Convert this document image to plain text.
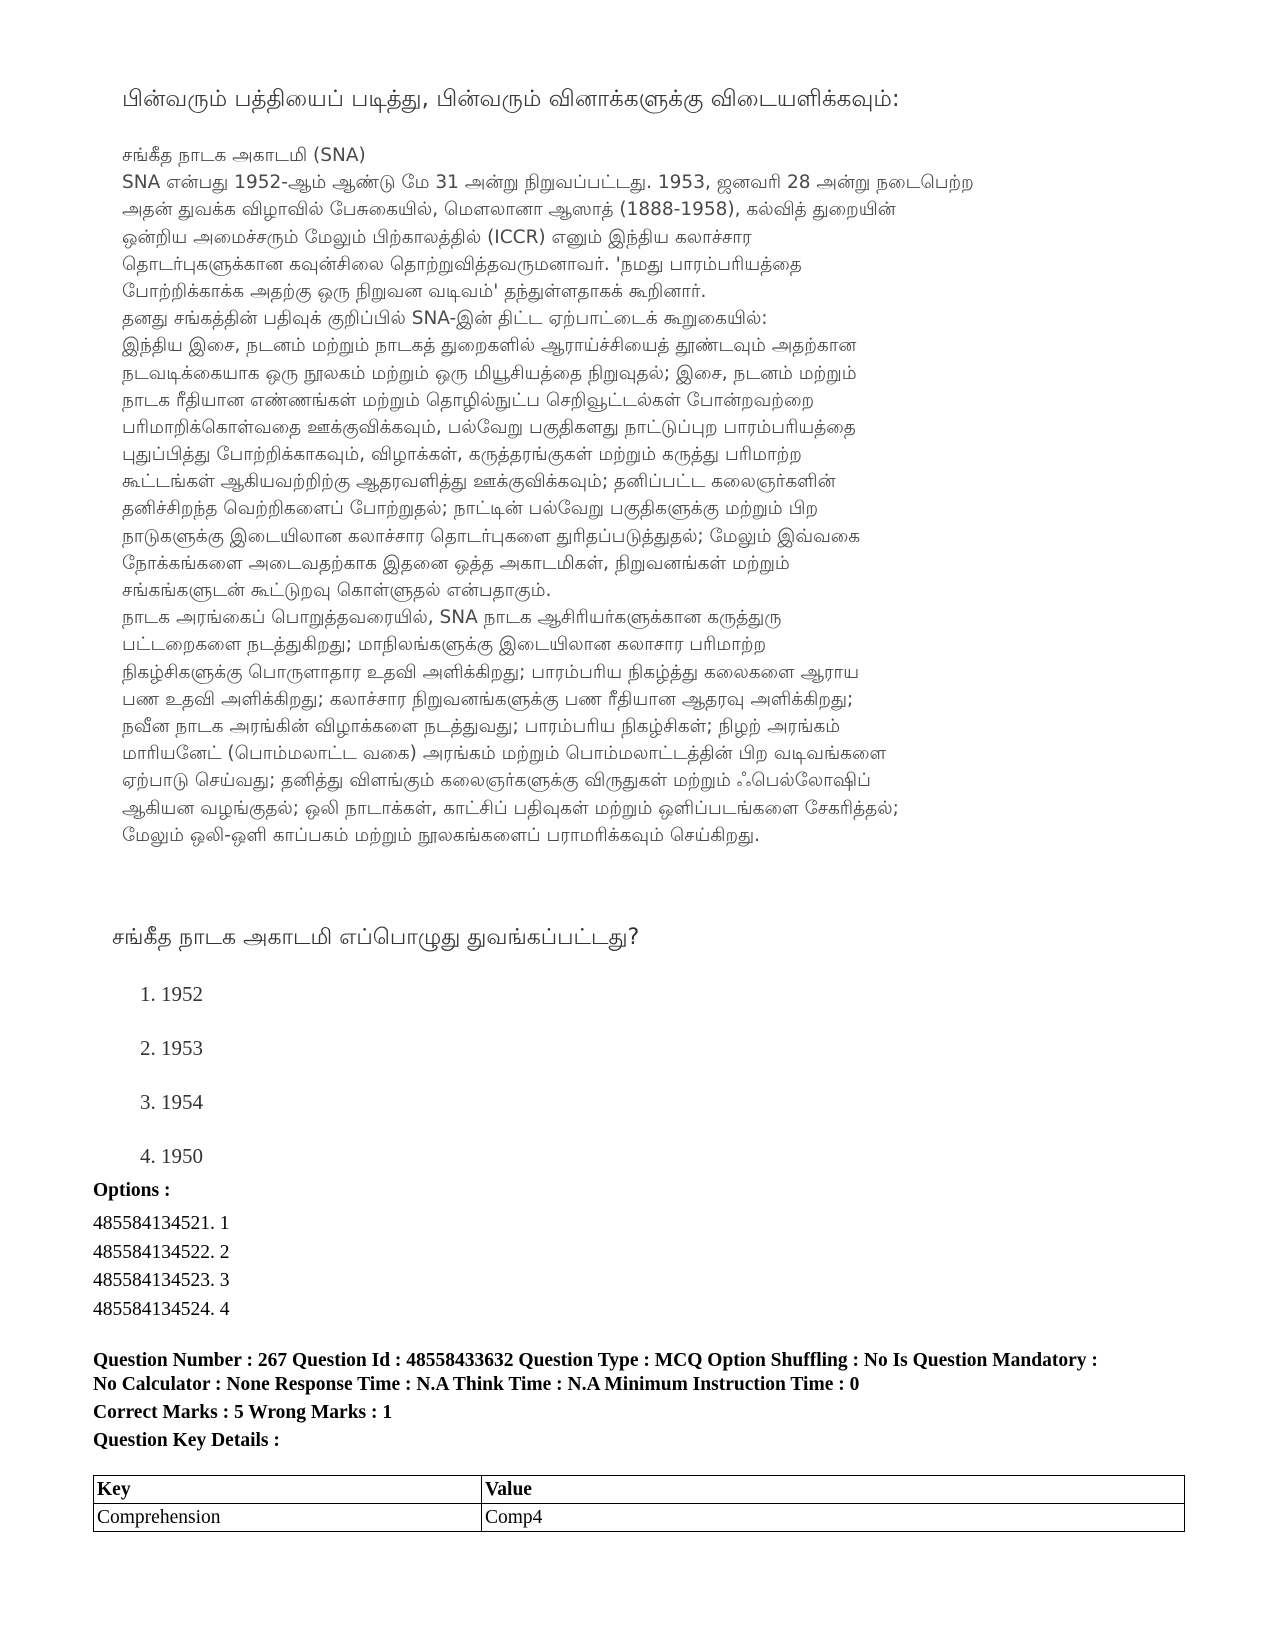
பின்வரும் பத்தியைப் படித்து, பின்வரும் வினாக்களுக்கு விடையளிக்கவும்:
சங்கீத நாடக அகாடமி (SNA)
SNA என்பது 1952-ஆம் ஆண்டு மே 31 அன்று நிறுவப்பட்டது. 1953, ஜனவரி 28 அன்று நடைபெற்ற
அதன் துவக்க விழாவில் பேசுகையில், மௌலானா ஆஸாத் (1888-1958), கல்வித் துறையின்
ஒன்றிய அமைச்சரும் மேலும் பிற்காலத்தில் (ICCR) எனும் இந்திய கலாச்சார
தொடர்புகளுக்கான கவுன்சிலை தொற்றுவித்தவருமனாவர். 'நமது பாரம்பரியத்தை
போற்றிக்காக்க அதற்கு ஒரு நிறுவன வடிவம்' தந்துள்ளதாகக் கூறினார்.
தனது சங்கத்தின் பதிவுக் குறிப்பில் SNA-இன் திட்ட ஏற்பாட்டைக் கூறுகையில்:
இந்திய இசை, நடனம் மற்றும் நாடகத் துறைகளில் ஆராய்ச்சியைத் தூண்டவும் அதற்கான
நடவடிக்கையாக ஒரு நூலகம் மற்றும் ஒரு மியூசியத்தை நிறுவுதல்; இசை, நடனம் மற்றும்
நாடக ரீதியான எண்ணங்கள் மற்றும் தொழில்நுட்ப செறிவூட்டல்கள் போன்றவற்றை
பரிமாறிக்கொள்வதை ஊக்குவிக்கவும், பல்வேறு பகுதிகளது நாட்டுப்புற பாரம்பரியத்தை
புதுப்பித்து போற்றிக்காகவும், விழாக்கள், கருத்தரங்குகள் மற்றும் கருத்து பரிமாற்ற
கூட்டங்கள் ஆகியவற்றிற்கு ஆதரவளித்து ஊக்குவிக்கவும்; தனிப்பட்ட கலைஞர்களின்
தனிச்சிறந்த வெற்றிகளைப் போற்றுதல்; நாட்டின் பல்வேறு பகுதிகளுக்கு மற்றும் பிற
நாடுகளுக்கு இடையிலான கலாச்சார தொடர்புகளை துரிதப்படுத்துதல்; மேலும் இவ்வகை
நோக்கங்களை அடைவதற்காக இதனை ஒத்த அகாடமிகள், நிறுவனங்கள் மற்றும்
சங்கங்களுடன் கூட்டுறவு கொள்ளுதல் என்பதாகும்.
நாடக அரங்கைப் பொறுத்தவரையில், SNA நாடக ஆசிரியர்களுக்கான கருத்துரு
பட்டறைகளை நடத்துகிறது; மாநிலங்களுக்கு இடையிலான கலாசார பரிமாற்ற
நிகழ்சிகளுக்கு பொருளாதார உதவி அளிக்கிறது; பாரம்பரிய நிகழ்த்து கலைகளை ஆராய
பண உதவி அளிக்கிறது; கலாச்சார நிறுவனங்களுக்கு பண ரீதியான ஆதரவு அளிக்கிறது;
நவீன நாடக அரங்கின் விழாக்களை நடத்துவது; பாரம்பரிய நிகழ்சிகள்; நிழற் அரங்கம்
மாரியனேட் (பொம்மலாட்ட வகை) அரங்கம் மற்றும் பொம்மலாட்டத்தின் பிற வடிவங்களை
ஏற்பாடு செய்வது; தனித்து விளங்கும் கலைஞர்களுக்கு விருதுகள் மற்றும் ஃபெல்லோஷிப்
ஆகியன வழங்குதல்; ஒலி நாடாக்கள், காட்சிப் பதிவுகள் மற்றும் ஒளிப்படங்களை சேகரித்தல்;
மேலும் ஒலி-ஒளி காப்பகம் மற்றும் நூலகங்களைப் பராமரிக்கவும் செய்கிறது.
சங்கீத நாடக அகாடமி எப்பொழுது துவங்கப்பட்டது?
1. 1952
2. 1953
3. 1954
4. 1950
Options :
485584134521. 1
485584134522. 2
485584134523. 3
485584134524. 4
Question Number : 267 Question Id : 48558433632 Question Type : MCQ Option Shuffling : No Is Question Mandatory :
No Calculator : None Response Time : N.A Think Time : N.A Minimum Instruction Time : 0
Correct Marks : 5 Wrong Marks : 1
Question Key Details :
Key	Value
Comprehension	Comp4
